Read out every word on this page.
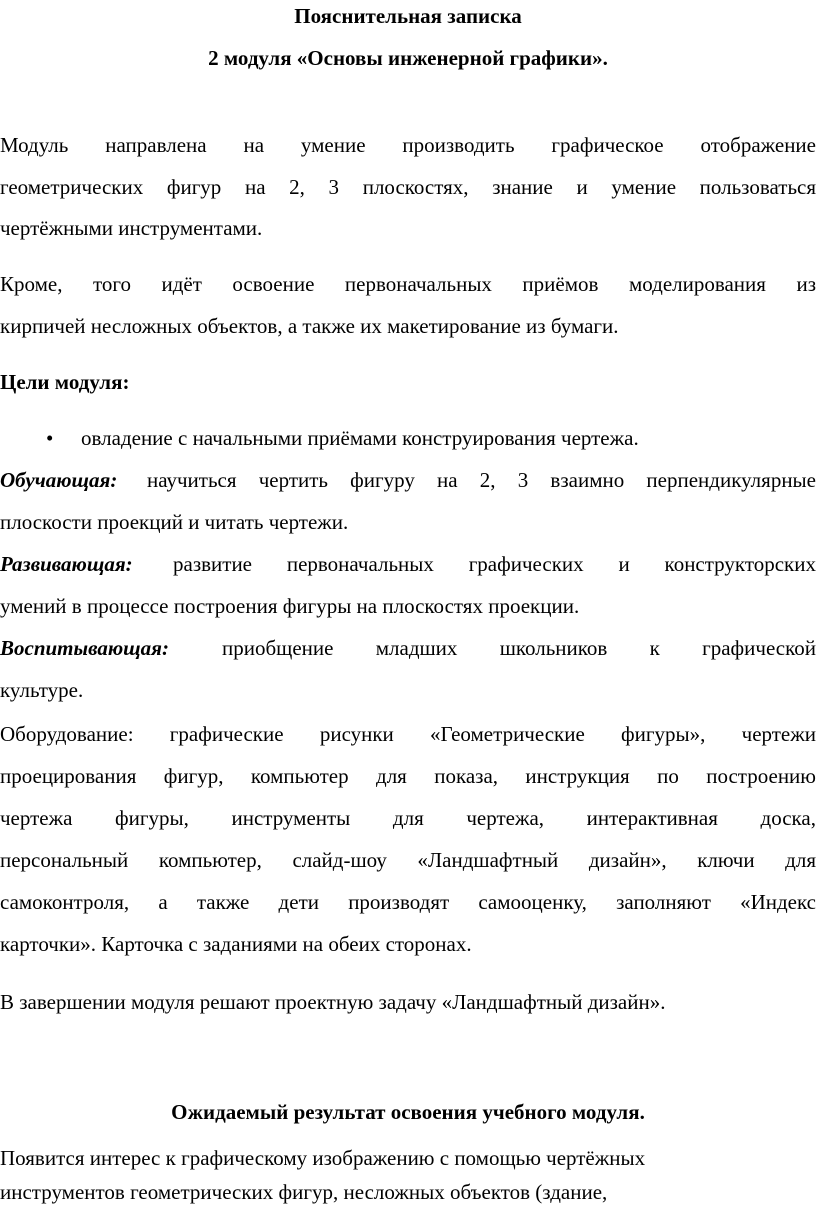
Пояснительная записка
2 модуля «Основы инженерной графики».
Модуль направлена на умение производить графическое отображение
геометрических фигур на 2, 3 плоскостях, знание и умение пользоваться
чертёжными инструментами.
Кроме, того идёт освоение первоначальных приёмов моделирования из
кирпичей несложных объектов, а также их макетирование из бумаги.
Цели модуля:
• овладение с начальными приёмами конструирования чертежа.
Обучающая: научиться чертить фигуру на 2, 3 взаимно перпендикулярные
плоскости проекций и читать чертежи.
Развивающая: развитие первоначальных графических и конструкторских
умений в процессе построения фигуры на плоскостях проекции.
Воспитывающая:	приобщение младших школьников к графической
культуре.
Оборудование: графические рисунки «Геометрические фигуры», чертежи
проецирования фигур, компьютер для показа, инструкция по построению
чертежа фигуры, инструменты для чертежа, интерактивная доска,
персональный компьютер, слайд-шоу «Ландшафтный дизайн», ключи для
самоконтроля, а также дети производят самооценку, заполняют «Индекс
карточки». Карточка с заданиями на обеих сторонах.
В завершении модуля решают проектную задачу «Ландшафтный дизайн».
Ожидаемый результат освоения учебного модуля.
Появится интерес к графическому изображению с помощью чертёжных
инструментов геометрических фигур, несложных объектов (здание,
